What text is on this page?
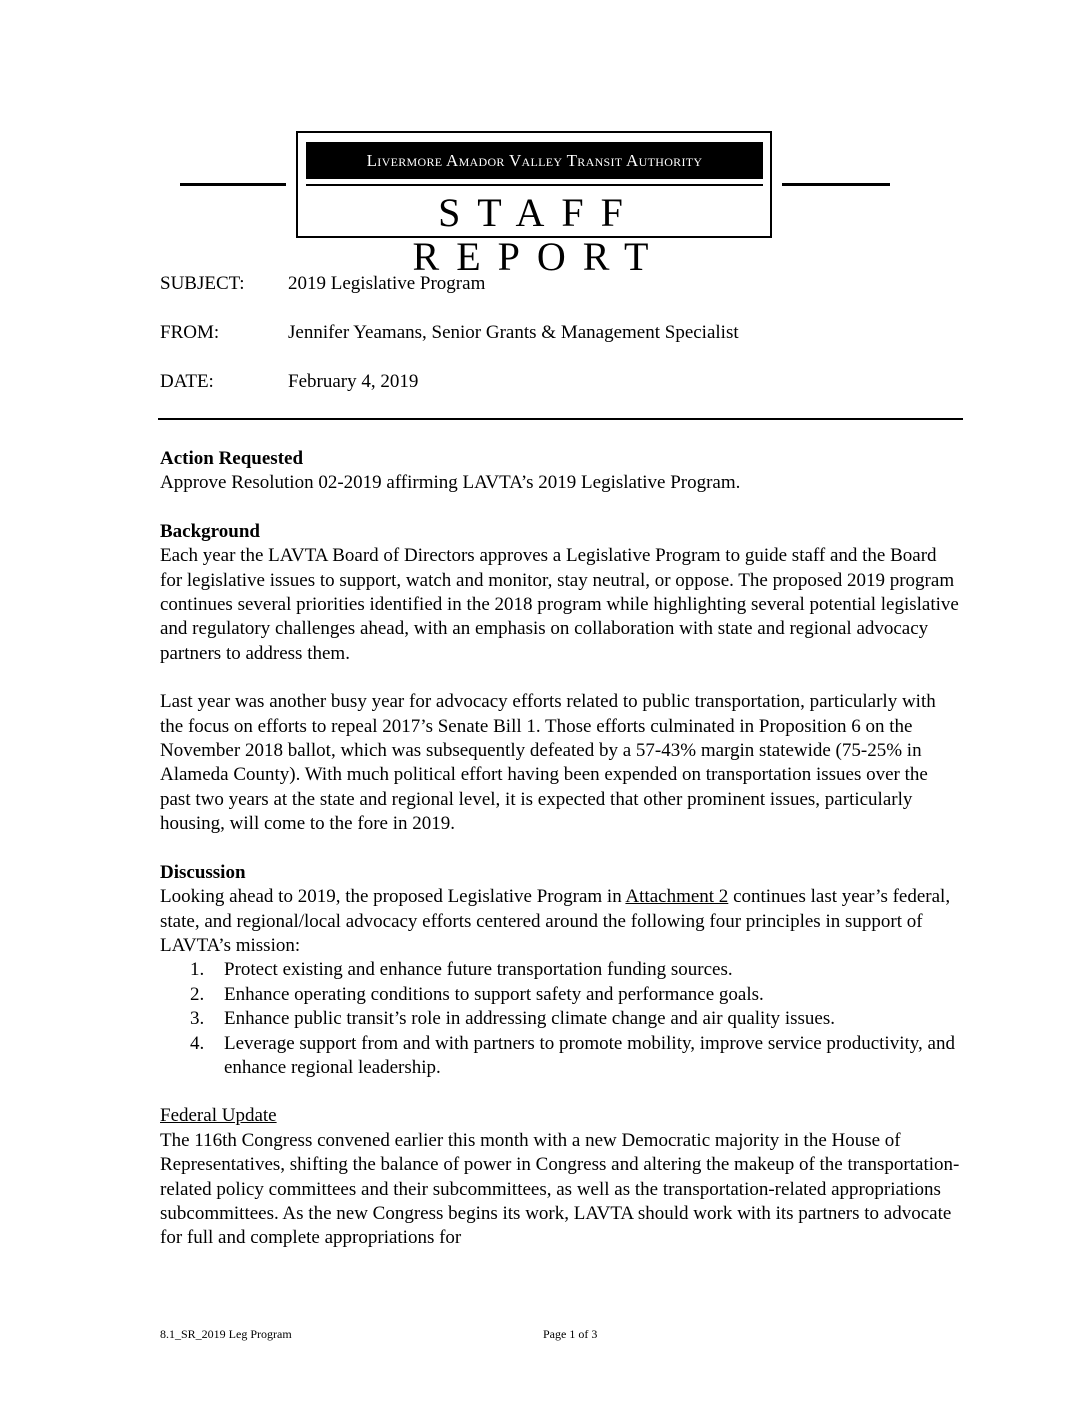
Livermore Amador Valley Transit Authority
STAFF REPORT
SUBJECT: 2019 Legislative Program
FROM:	Jennifer Yeamans, Senior Grants & Management Specialist
DATE:	February 4, 2019

Action Requested

Approve Resolution 02-2019 affirming LAVTA’s 2019 Legislative Program.

Background

Each year the LAVTA Board of Directors approves a Legislative Program to guide staff and the Board for legislative issues to support, watch and monitor, stay neutral, or oppose. The proposed 2019 program continues several priorities identified in the 2018 program while highlighting several potential legislative and regulatory challenges ahead, with an emphasis on collaboration with state and regional advocacy partners to address them.

Last year was another busy year for advocacy efforts related to public transportation, particularly with the focus on efforts to repeal 2017’s Senate Bill 1. Those efforts culminated in Proposition 6 on the November 2018 ballot, which was subsequently defeated by a 57-43% margin statewide (75-25% in Alameda County). With much political effort having been expended on transportation issues over the past two years at the state and regional level, it is expected that other prominent issues, particularly housing, will come to the fore in 2019.

Discussion

Looking ahead to 2019, the proposed Legislative Program in Attachment 2 continues last year’s federal, state, and regional/local advocacy efforts centered around the following four principles in support of LAVTA’s mission:

1. Protect existing and enhance future transportation funding sources.
2. Enhance operating conditions to support safety and performance goals.
3. Enhance public transit’s role in addressing climate change and air quality issues.
4. Leverage support from and with partners to promote mobility, improve service productivity, and enhance regional leadership.

Federal Update

The 116th Congress convened earlier this month with a new Democratic majority in the House of Representatives, shifting the balance of power in Congress and altering the makeup of the transportation-related policy committees and their subcommittees, as well as the transportation-related appropriations subcommittees. As the new Congress begins its work, LAVTA should work with its partners to advocate for full and complete appropriations for

8.1_SR_2019 Leg Program	Page 1 of 3
